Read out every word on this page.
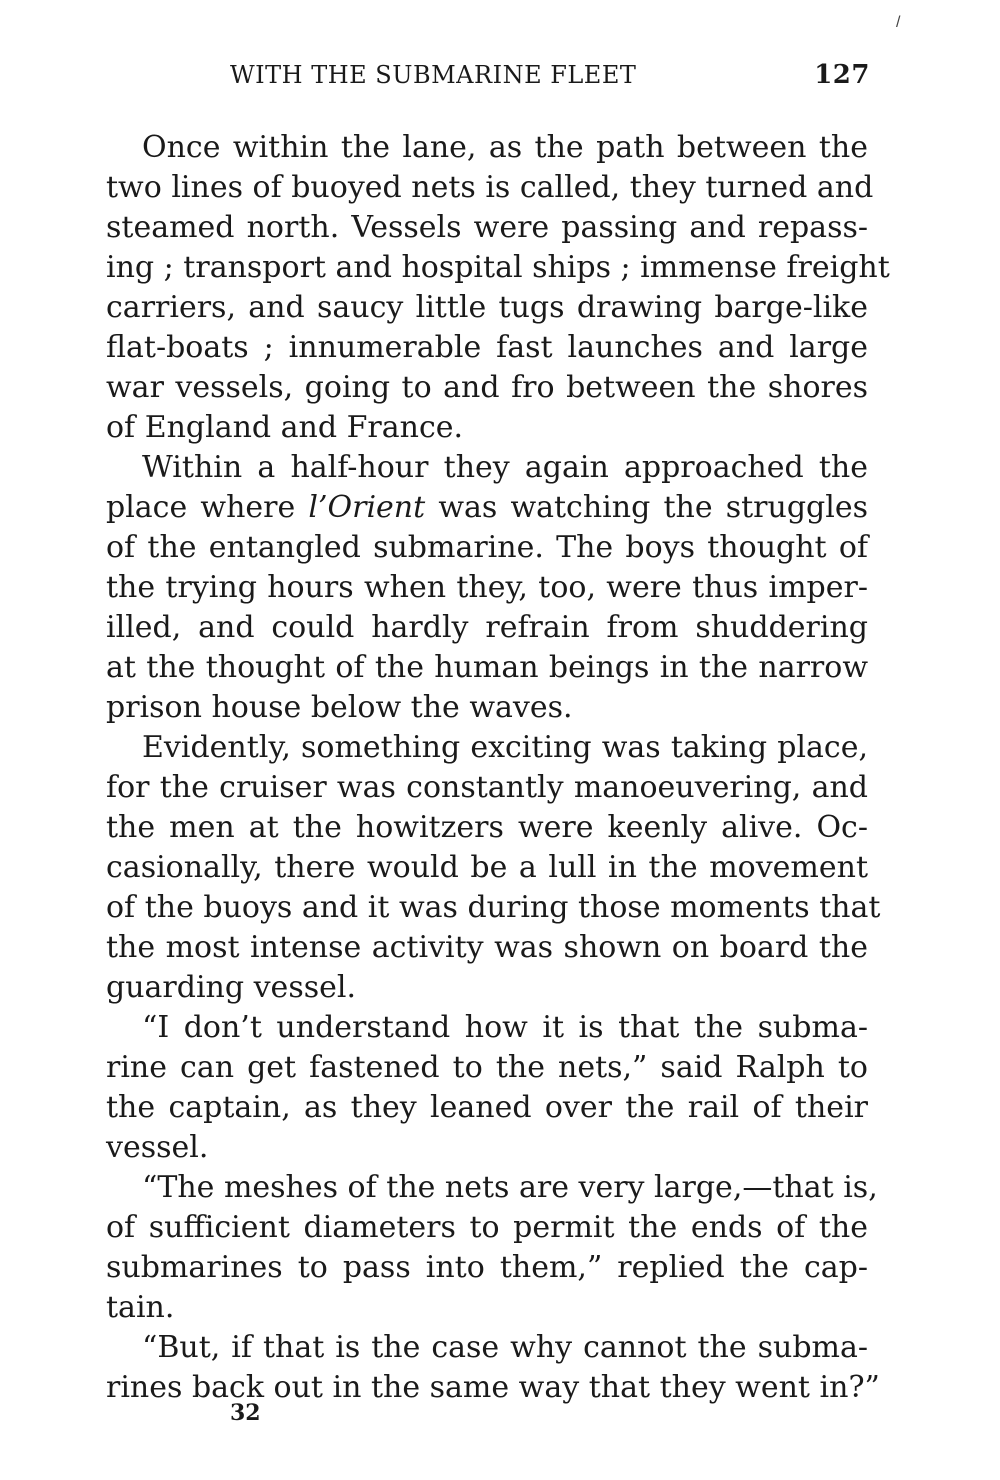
/
WITH THE SUBMARINE FLEET	127
Once within the lane, as the path between the
two lines of buoyed nets is called, they turned and
steamed north. Vessels were passing and repass-
ing ; transport and hospital ships ; immense freight
carriers, and saucy little tugs drawing barge-like
flat-boats ; innumerable fast launches and large
war vessels, going to and fro between the shores
of England and France.
Within a half-hour they again approached the
place where l’Orient was watching the struggles
of the entangled submarine. The boys thought of
the trying hours when they, too, were thus imper-
illed, and could hardly refrain from shuddering
at the thought of the human beings in the narrow
prison house below the waves.
Evidently, something exciting was taking place,
for the cruiser was constantly manoeuvering, and
the men at the howitzers were keenly alive. Oc-
casionally, there would be a lull in the movement
of the buoys and it was during those moments that
the most intense activity was shown on board the
guarding vessel.
“I don’t understand how it is that the subma-
rine can get fastened to the nets,” said Ralph to
the captain, as they leaned over the rail of their
vessel.
“The meshes of the nets are very large,—that is,
of sufficient diameters to permit the ends of the
submarines to pass into them,” replied the cap-
tain.
“But, if that is the case why cannot the subma-
rines back out in the same way that they went in?”
32
